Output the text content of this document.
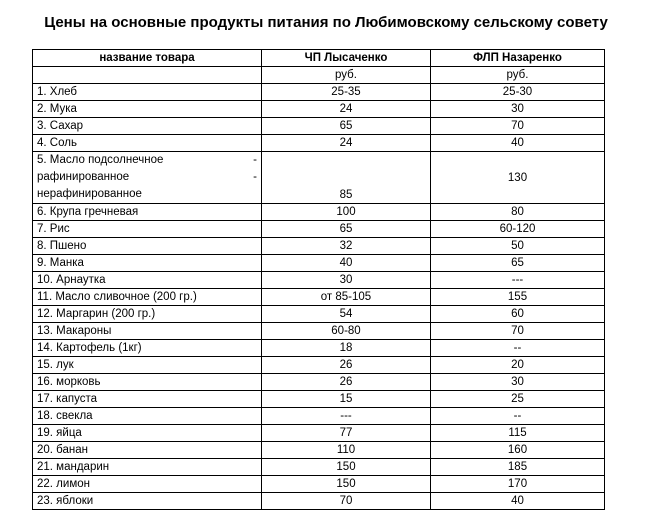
Цены на основные продукты питания по Любимовскому сельскому совету
название товара	ЧП Лысаченко	ФЛП Назаренко
	руб.	руб.
1. Хлеб	25-35	25-30
2. Мука	24	30
3. Сахар	65	70
4. Соль	24	40

5. Масло подсолнечное -
рафинированное -
нерафинированное	85	130
6. Крупа гречневая	100	80
7. Рис	65	60-120
8. Пшено	32	50
9. Манка	40	65
10. Арнаутка	30	---
11. Масло сливочное (200 гр.)	от 85-105	155
12. Маргарин (200 гр.)	54	60
13. Макароны	60-80	70
14. Картофель (1кг)	18	--
15. лук	26	20
16. морковь	26	30
17. капуста	15	25
18. свекла	---	--
19. яйца	77	115
20. банан	110	160
21. мандарин	150	185
22. лимон	150	170
23. яблоки	70	40
